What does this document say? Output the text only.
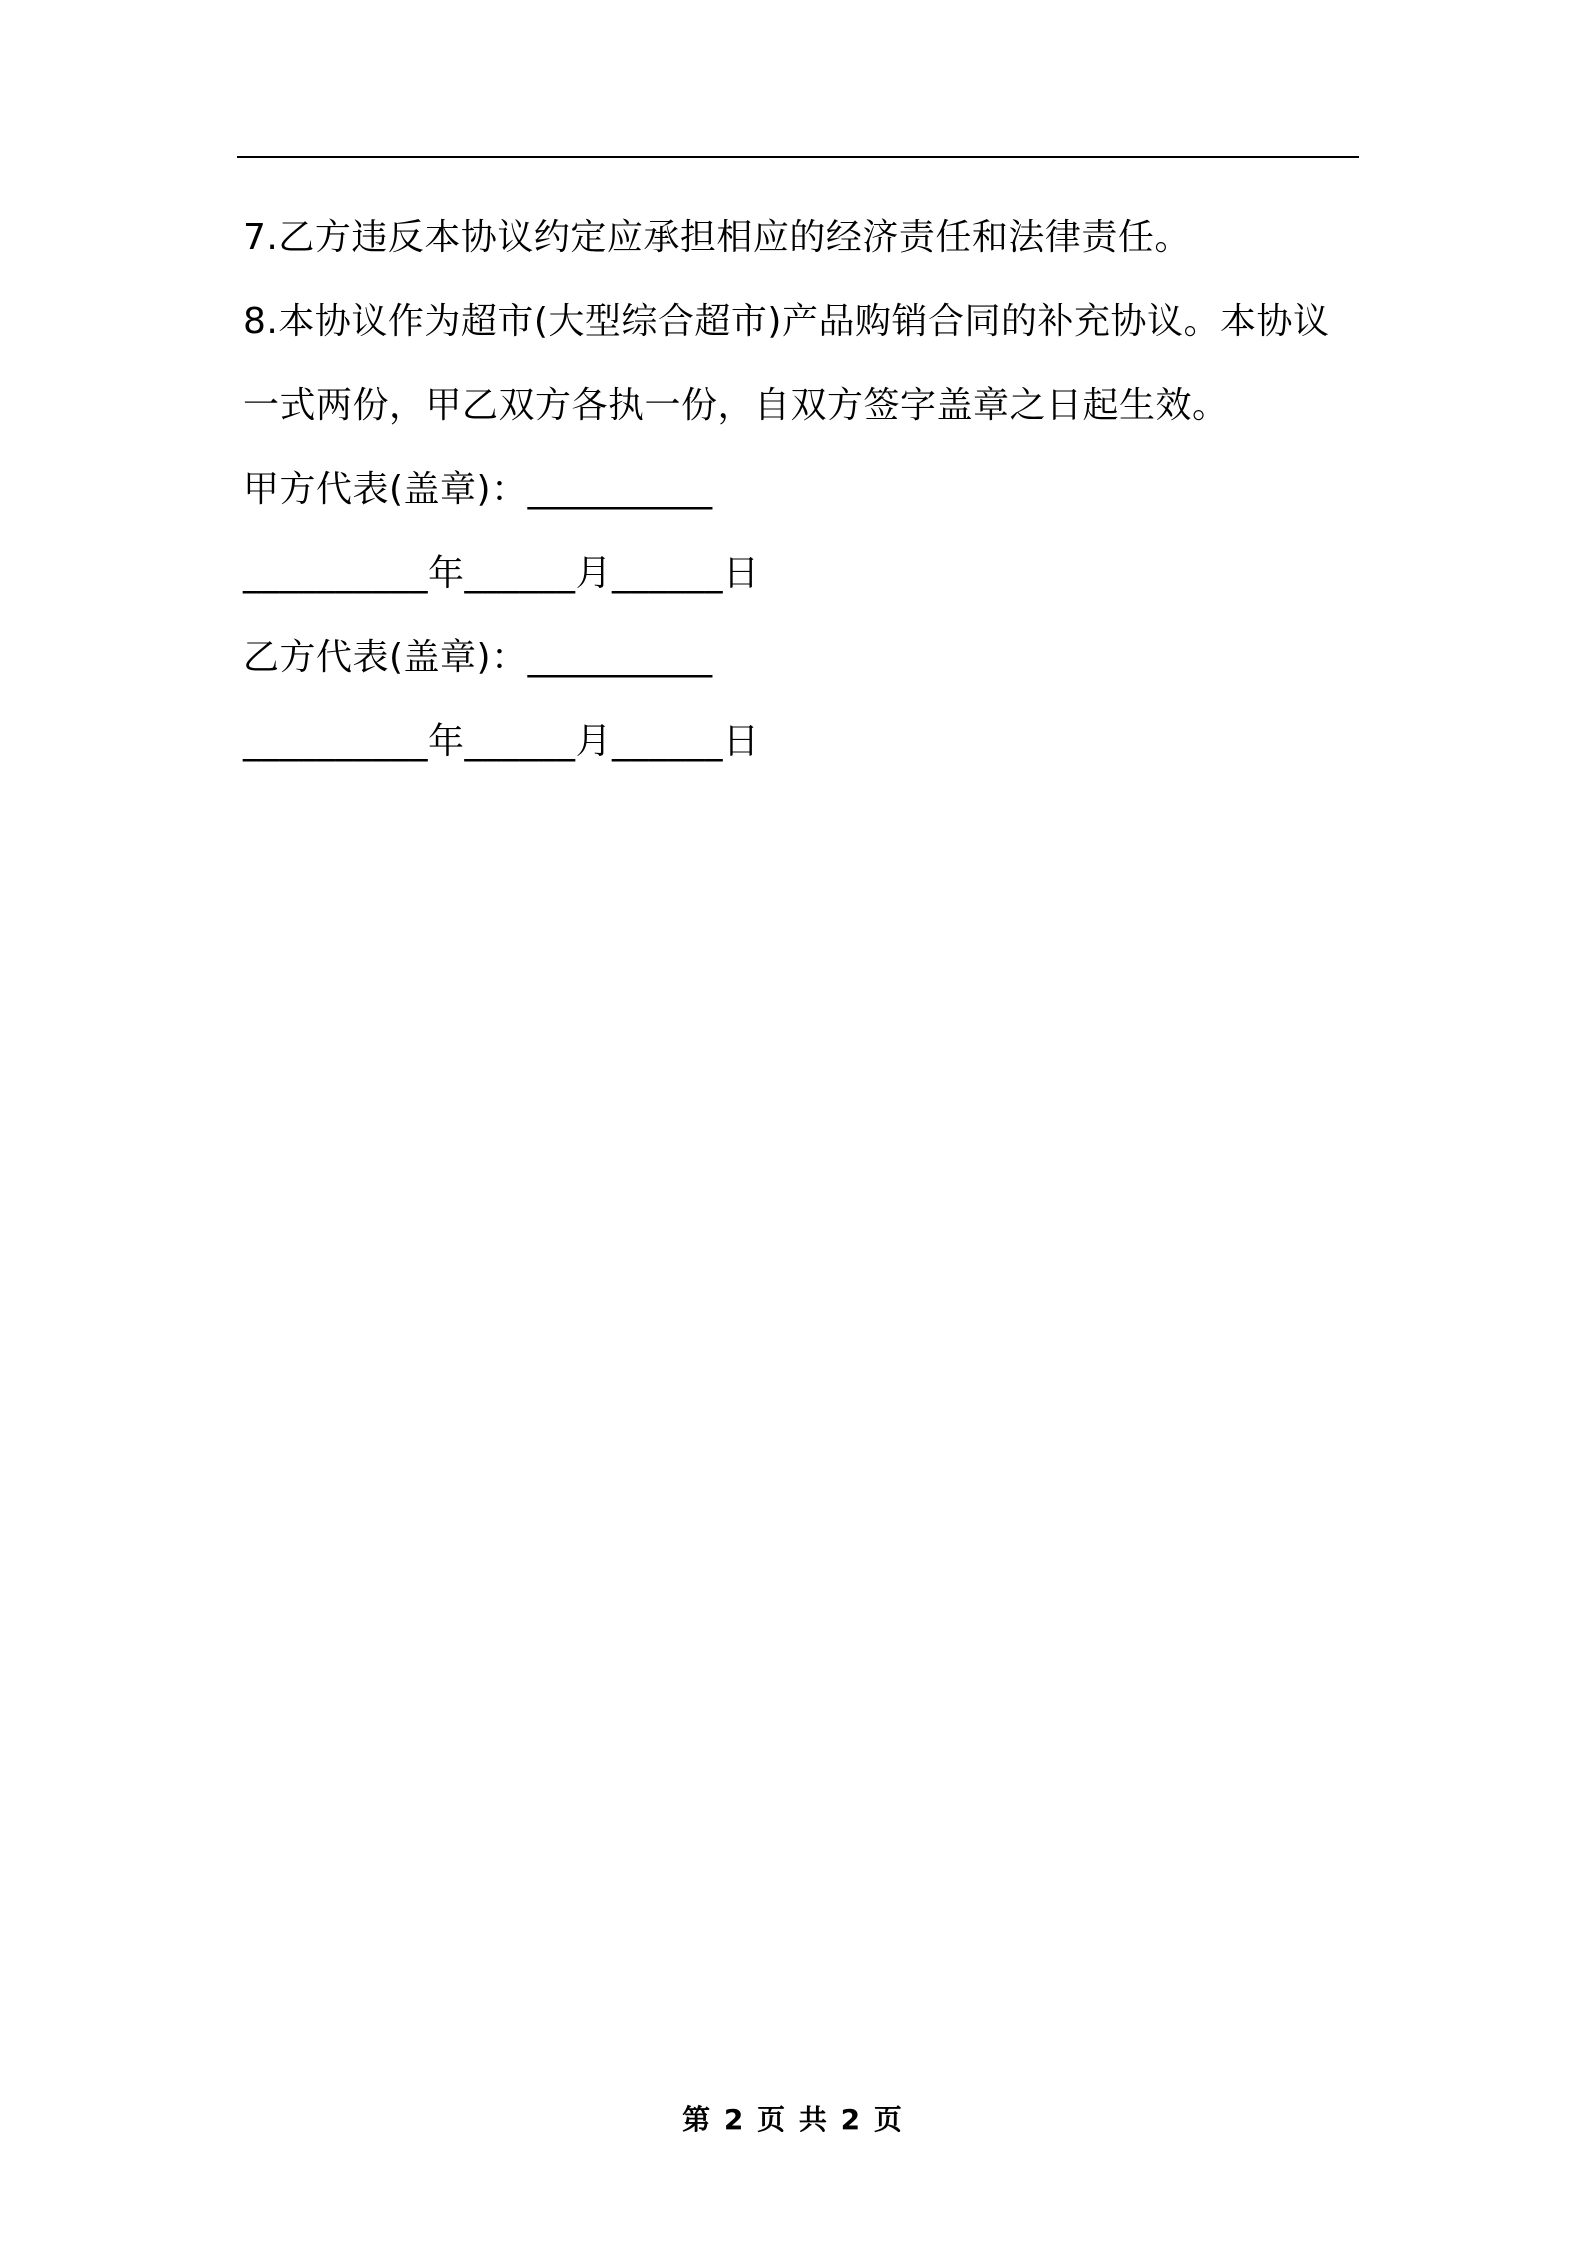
7.乙方违反本协议约定应承担相应的经济责任和法律责任。
8.本协议作为超市(大型综合超市)产品购销合同的补充协议。本协议
一式两份，甲乙双方各执一份，自双方签字盖章之日起生效。
甲方代表(盖章)：__________
__________年______月______日
乙方代表(盖章)：__________
__________年______月______日
第 2 页 共 2 页
